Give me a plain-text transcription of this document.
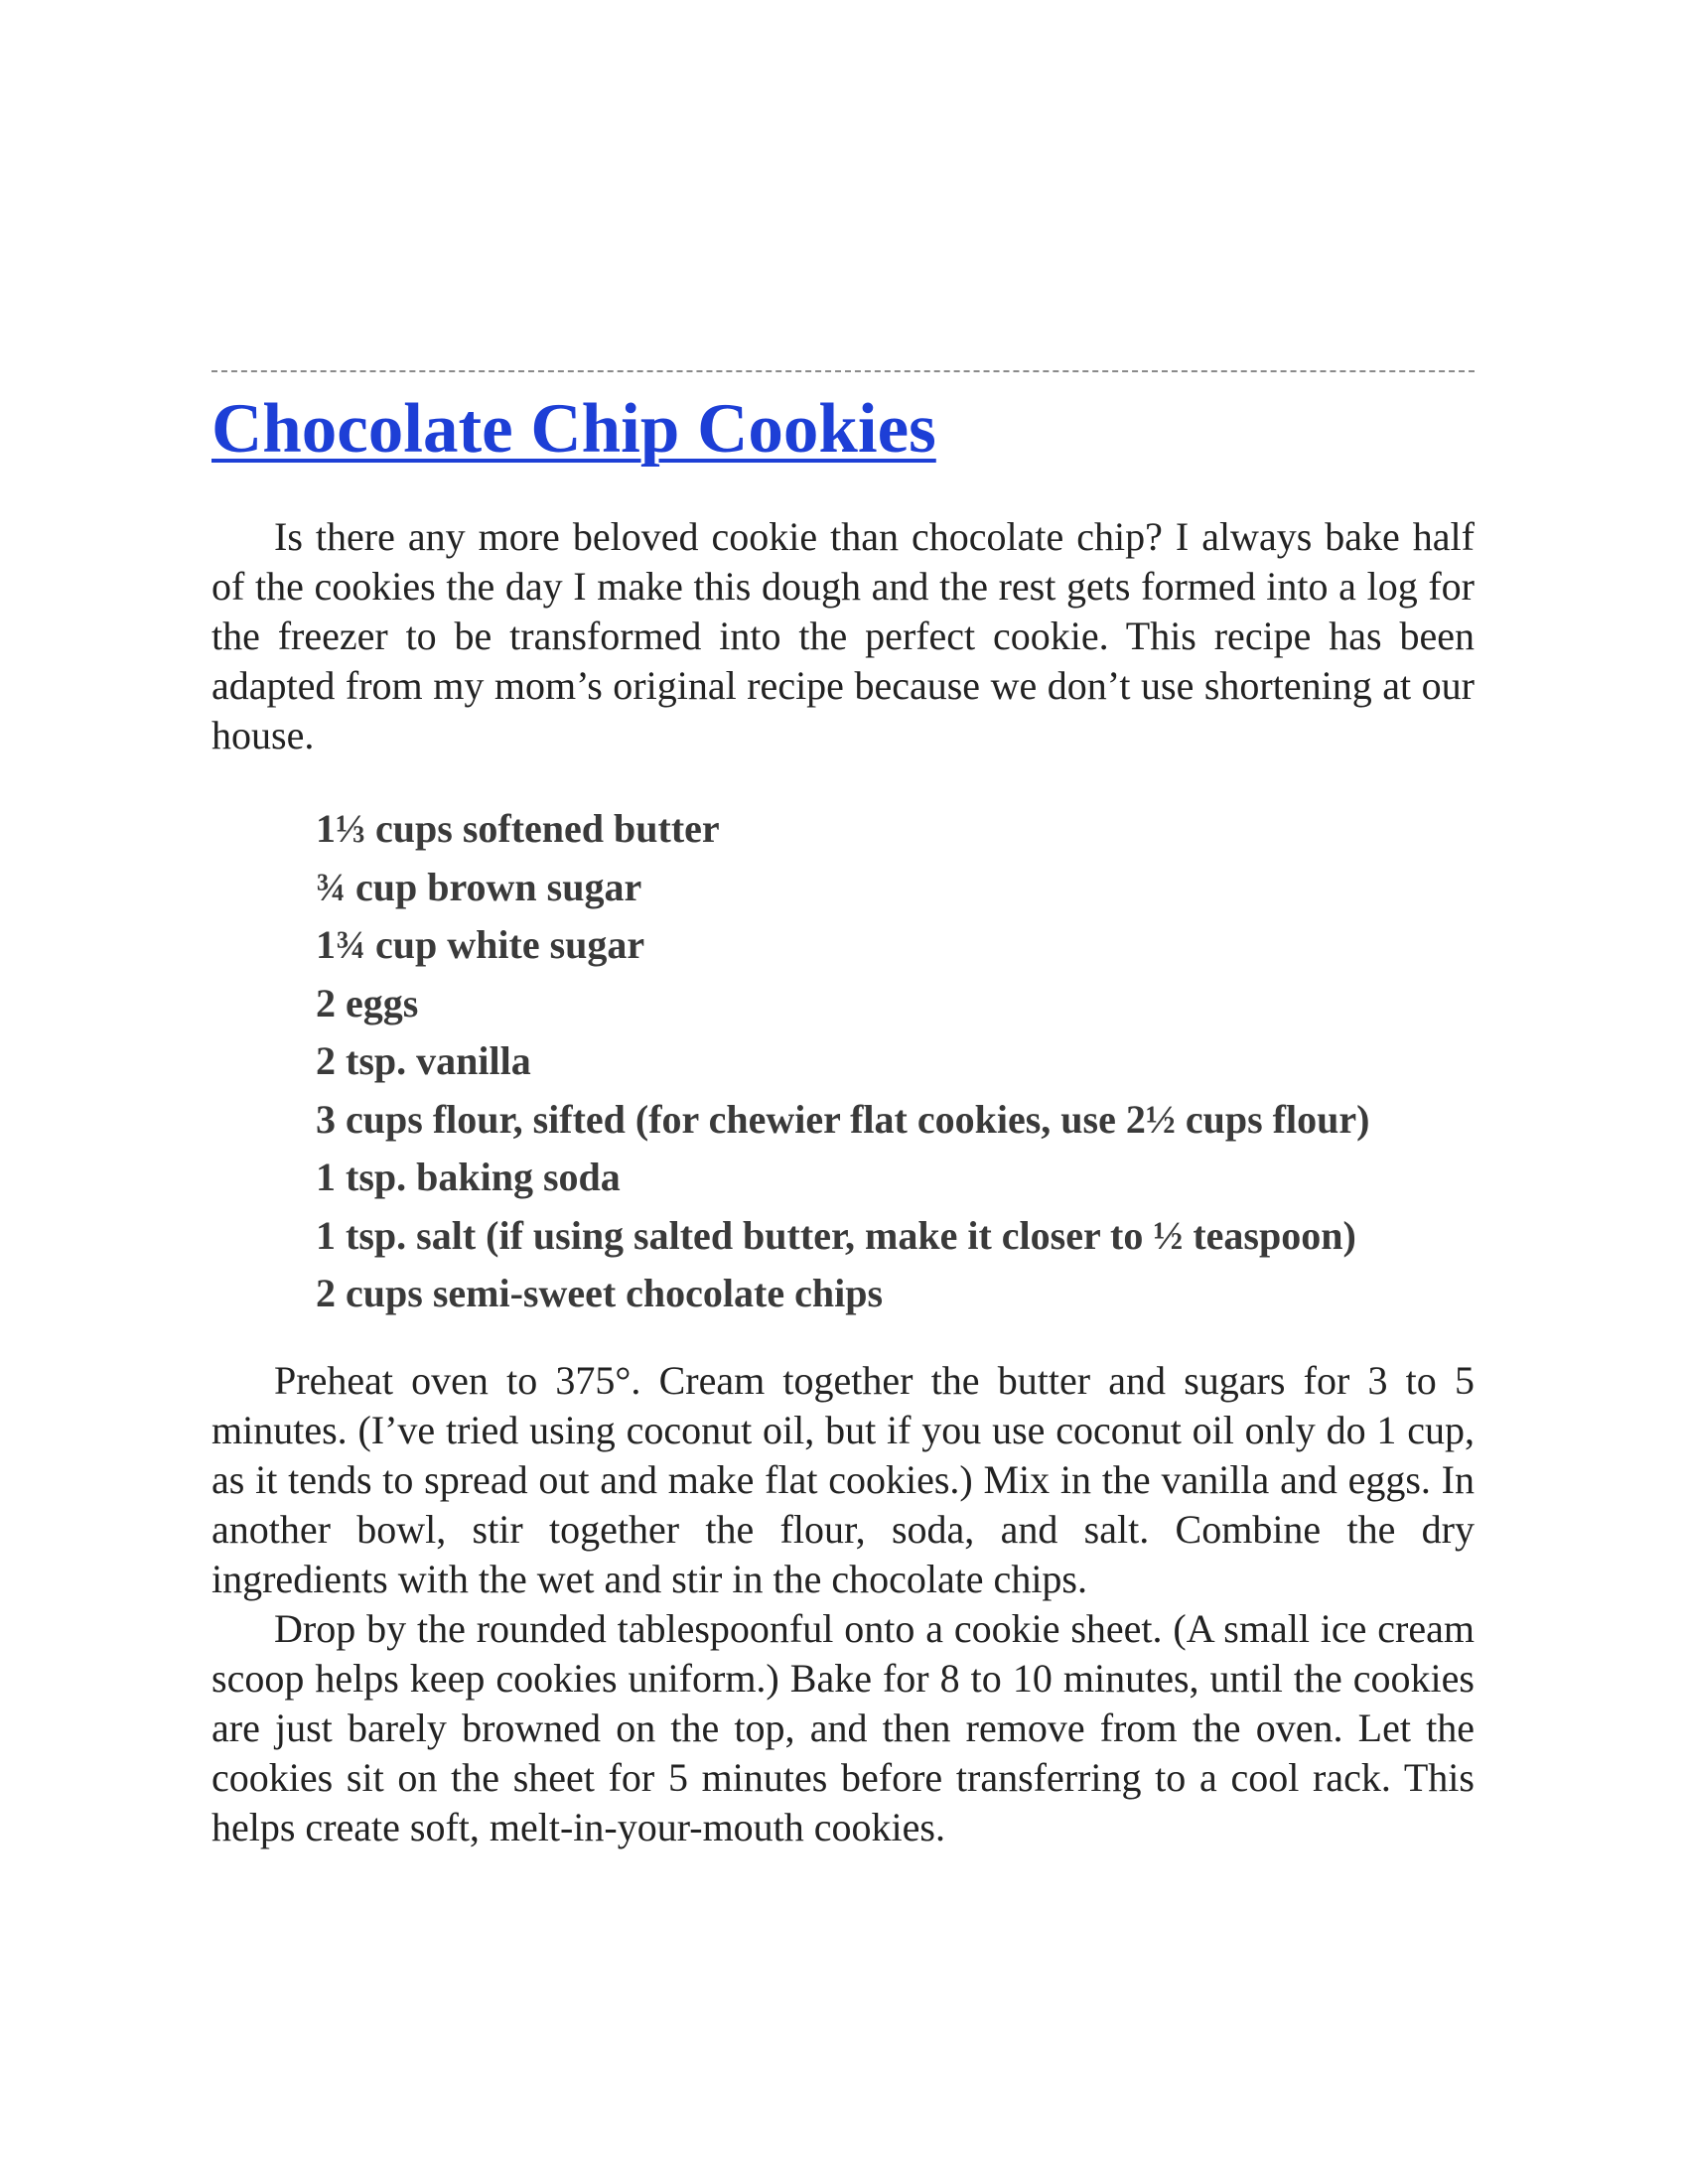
Chocolate Chip Cookies

Is there any more beloved cookie than chocolate chip? I always bake half of the cookies the day I make this dough and the rest gets formed into a log for the freezer to be transformed into the perfect cookie. This recipe has been adapted from my mom’s original recipe because we don’t use shortening at our house.

1⅓ cups softened butter
¾ cup brown sugar
1¾ cup white sugar
2 eggs
2 tsp. vanilla
3 cups flour, sifted (for chewier flat cookies, use 2½ cups flour)
1 tsp. baking soda
1 tsp. salt (if using salted butter, make it closer to ½ teaspoon)
2 cups semi-sweet chocolate chips

Preheat oven to 375°. Cream together the butter and sugars for 3 to 5 minutes. (I’ve tried using coconut oil, but if you use coconut oil only do 1 cup, as it tends to spread out and make flat cookies.) Mix in the vanilla and eggs. In another bowl, stir together the flour, soda, and salt. Combine the dry ingredients with the wet and stir in the chocolate chips.

Drop by the rounded tablespoonful onto a cookie sheet. (A small ice cream scoop helps keep cookies uniform.) Bake for 8 to 10 minutes, until the cookies are just barely browned on the top, and then remove from the oven. Let the cookies sit on the sheet for 5 minutes before transferring to a cool rack. This helps create soft, melt-in-your-mouth cookies.
